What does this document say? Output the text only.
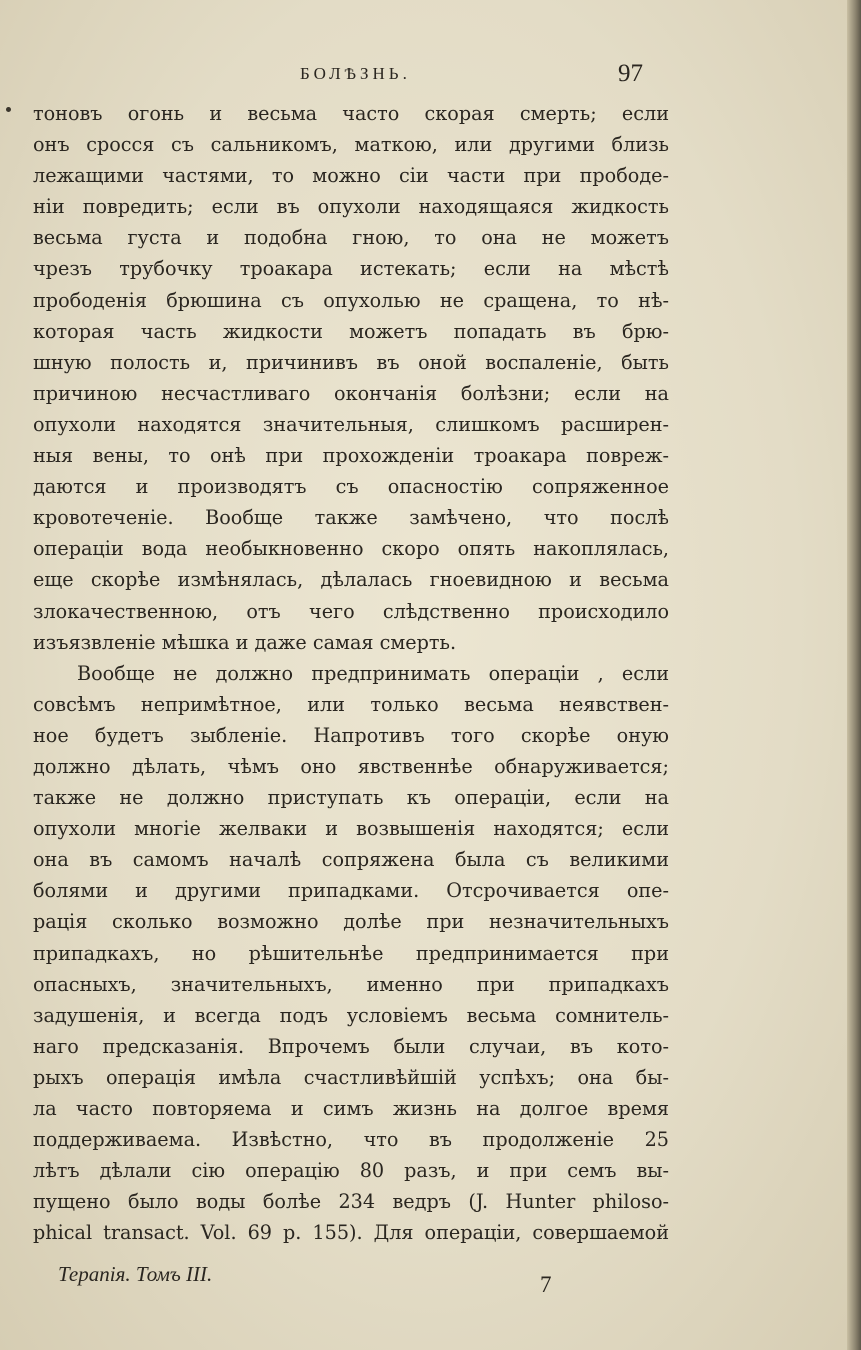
БОЛѢЗНЬ.	97
тоновъ огонь и весьма часто скорая смерть; если
онъ сросся съ сальникомъ, маткою, или другими близь
лежащими частями, то можно сіи части при прободе-
ніи повредить; если въ опухоли находящаяся жидкость
весьма густа и подобна гною, то она не можетъ
чрезъ трубочку троакара истекать; если на мѣстѣ
прободенія брюшина съ опухолью не сращена, то нѣ-
которая часть жидкости можетъ попадать въ брю-
шную полость и, причинивъ въ оной воспаленіе, быть
причиною несчастливаго окончанія болѣзни; если на
опухоли находятся значительныя, слишкомъ расширен-
ныя вены, то онѣ при прохожденіи троакара повреж-
даются и производятъ съ опасностію сопряженное
кровотеченіе. Вообще также замѣчено, что послѣ
операціи вода необыкновенно скоро опять накоплялась,
еще скорѣе измѣнялась, дѣлалась гноевидною и весьма
злокачественною, отъ чего слѣдственно происходило
изъязвленіе мѣшка и даже самая смерть.
Вообще не должно предпринимать операціи , если
совсѣмъ непримѣтное, или только весьма неявствен-
ное будетъ зыбленіе. Напротивъ того скорѣе оную
должно дѣлать, чѣмъ оно явственнѣе обнаруживается;
также не должно приступать къ операціи, если на
опухоли многіе желваки и возвышенія находятся; если
она въ самомъ началѣ сопряжена была съ великими
болями и другими припадками. Отсрочивается опе-
рація сколько возможно долѣе при незначительныхъ
припадкахъ, но рѣшительнѣе предпринимается при
опасныхъ, значительныхъ, именно при припадкахъ
задушенія, и всегда подъ условіемъ весьма сомнитель-
наго предсказанія. Впрочемъ были случаи, въ кото-
рыхъ операція имѣла счастливѣйшій успѣхъ; она бы-
ла часто повторяема и симъ жизнь на долгое время
поддерживаема. Извѣстно, что въ продолженіе 25
лѣтъ дѣлали сію операцію 80 разъ, и при семъ вы-
пущено было воды болѣе 234 ведръ (J. Hunter philoso-
phical transact. Vol. 69 p. 155). Для операціи, совершаемой
Терапія. Томъ III.	7
